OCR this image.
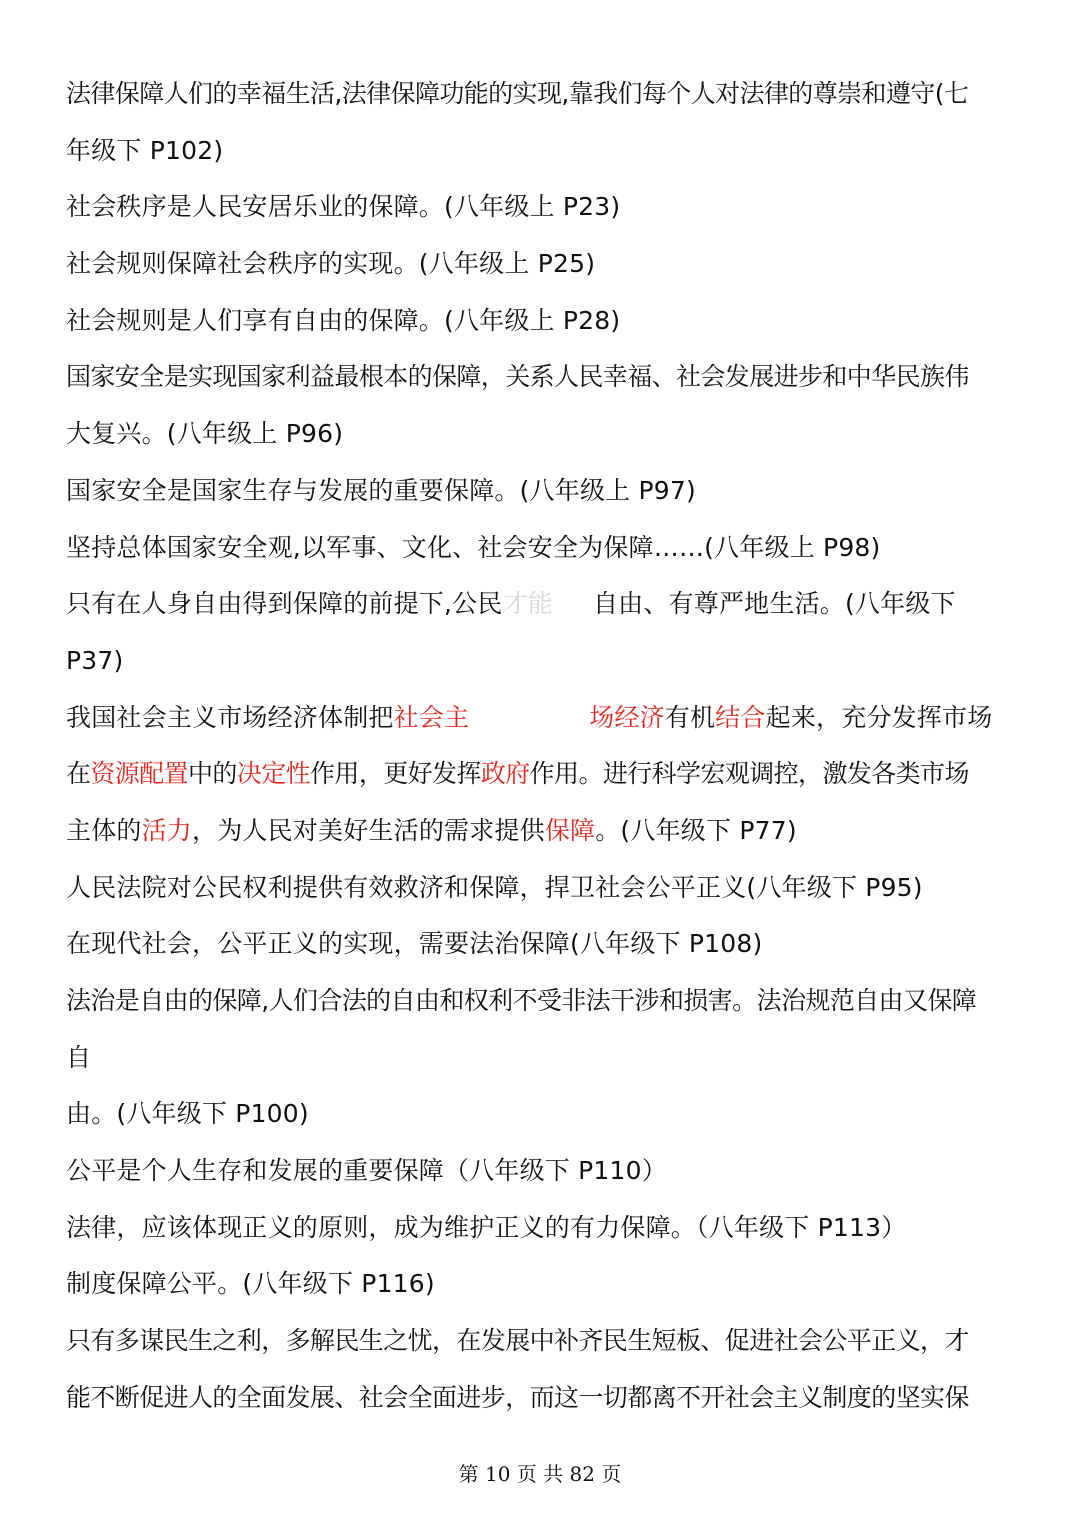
法律保障人们的幸福生活,法律保障功能的实现,靠我们每个人对法律的尊崇和遵守(七
年级下 P102)
社会秩序是人民安居乐业的保障。(八年级上 P23)
社会规则保障社会秩序的实现。(八年级上 P25)
社会规则是人们享有自由的保障。(八年级上 P28)
国家安全是实现国家利益最根本的保障，关系人民幸福、社会发展进步和中华民族伟
大复兴。(八年级上 P96)
国家安全是国家生存与发展的重要保障。(八年级上 P97)
坚持总体国家安全观,以军事、文化、社会安全为保障……(八年级上 P98)
只有在人身自由得到保障的前提下,公民才能 自由、有尊严地生活。(八年级下
P37)
我国社会主义市场经济体制把社会主	场经济有机结合起来，充分发挥市场
在资源配置中的决定性作用，更好发挥政府作用。进行科学宏观调控，激发各类市场
主体的活力，为人民对美好生活的需求提供保障。(八年级下 P77)
人民法院对公民权利提供有效救济和保障，捍卫社会公平正义(八年级下 P95)
在现代社会，公平正义的实现，需要法治保障(八年级下 P108)
法治是自由的保障,人们合法的自由和权利不受非法干涉和损害。法治规范自由又保障
自
由。(八年级下 P100)
公平是个人生存和发展的重要保障（八年级下 P110）
法律，应该体现正义的原则，成为维护正义的有力保障。（八年级下 P113）
制度保障公平。(八年级下 P116)
只有多谋民生之利，多解民生之忧，在发展中补齐民生短板、促进社会公平正义，才
能不断促进人的全面发展、社会全面进步，而这一切都离不开社会主义制度的坚实保
第 10 页 共 82 页
